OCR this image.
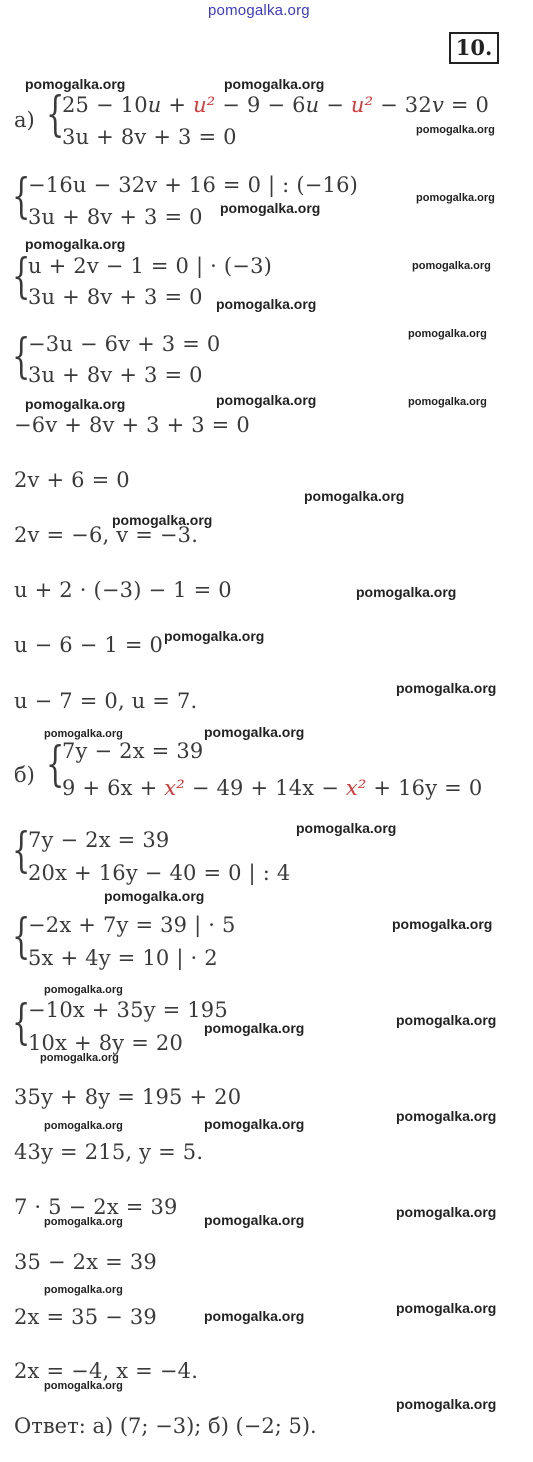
pomogalka.org
10.
а) {
25 − 10u + u² − 9 − 6u − u² − 32v = 0
3u + 8v + 3 = 0
{
−16u − 32v + 16 = 0 | : (−16)
3u + 8v + 3 = 0
{
u + 2v − 1 = 0 | · (−3)
3u + 8v + 3 = 0
{
−3u − 6v + 3 = 0
3u + 8v + 3 = 0
−6v + 8v + 3 + 3 = 0
2v + 6 = 0
2v = −6, v = −3.
u + 2 · (−3) − 1 = 0
u − 6 − 1 = 0
u − 7 = 0, u = 7.
б) {
7y − 2x = 39
9 + 6x + x² − 49 + 14x − x² + 16y = 0
{
7y − 2x = 39
20x + 16y − 40 = 0 | : 4
{
−2x + 7y = 39 | · 5
5x + 4y = 10 | · 2
{
−10x + 35y = 195
10x + 8y = 20
35y + 8y = 195 + 20
43y = 215, y = 5.
7 · 5 − 2x = 39
35 − 2x = 39
2x = 35 − 39
2x = −4, x = −4.
Ответ: а) (7; −3); б) (−2; 5).
pomogalka.org	pomogalka.org
pomogalka.org
pomogalka.org
pomogalka.org
pomogalka.org
pomogalka.org
pomogalka.org
pomogalka.org
pomogalka.org	pomogalka.org	pomogalka.org
pomogalka.org
pomogalka.org
pomogalka.org
pomogalka.org
pomogalka.org
pomogalka.org	pomogalka.org
pomogalka.org
pomogalka.org
pomogalka.org
pomogalka.org
pomogalka.org	pomogalka.org
pomogalka.org
pomogalka.org	pomogalka.org	pomogalka.org
pomogalka.org	pomogalka.org	pomogalka.org
pomogalka.org
pomogalka.org	pomogalka.org
pomogalka.org
pomogalka.org
